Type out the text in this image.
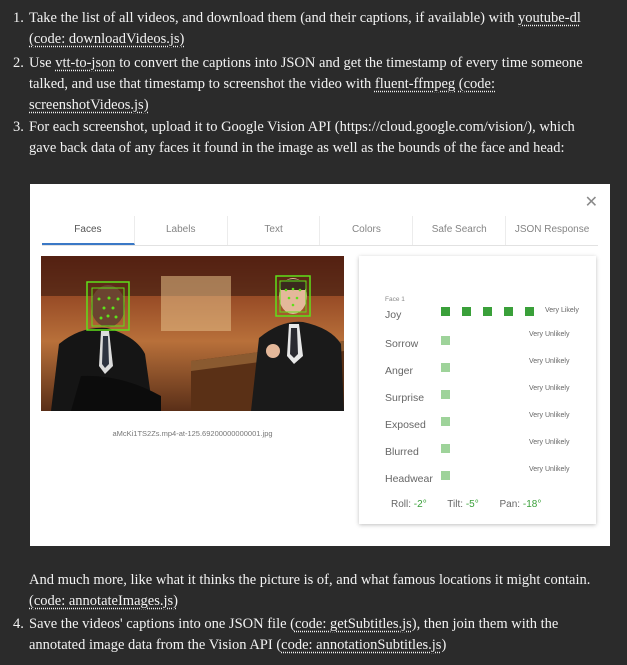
1. Take the list of all videos, and download them (and their captions, if available) with youtube-dl
(code: downloadVideos.js)
2. Use vtt-to-json to convert the captions into JSON and get the timestamp of every time someone
talked, and use that timestamp to screenshot the video with fluent-ffmpeg (code:
screenshotVideos.js)
3. For each screenshot, upload it to Google Vision API (https://cloud.google.com/vision/), which
gave back data of any faces it found in the image as well as the bounds of the face and head:
✕
Faces	Labels	Text	Colors	Safe Search	JSON Response
aMcKi1TS2Zs.mp4-at-125.69200000000001.jpg
Face 1
Joy	Very Likely
Sorrow
Very Unlikely
Anger
Very Unlikely
Surprise
Very Unlikely
Exposed
Very Unlikely
Blurred
Very Unlikely
Headwear
Very Unlikely
Roll: -2° Tilt: -5° Pan: -18°
And much more, like what it thinks the picture is of, and what famous locations it might contain.
(code: annotateImages.js)
4. Save the videos' captions into one JSON file (code: getSubtitles.js), then join them with the
annotated image data from the Vision API (code: annotationSubtitles.js)
